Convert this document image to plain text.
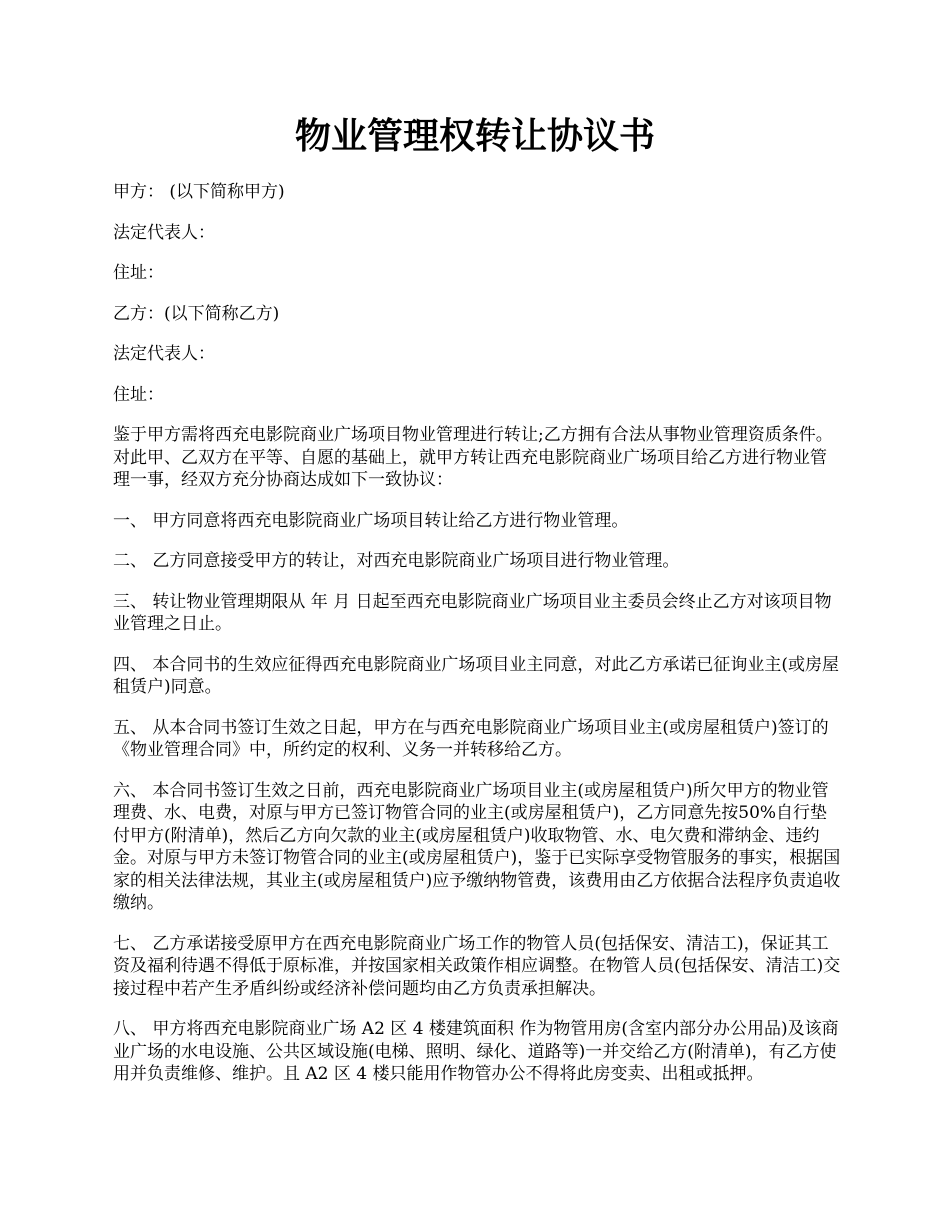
物业管理权转让协议书

甲方： (以下简称甲方)

法定代表人：

住址：

乙方：(以下简称乙方)

法定代表人：

住址：

鉴于甲方需将西充电影院商业广场项目物业管理进行转让;乙方拥有合法从事物业管理资质条件。对此甲、乙双方在平等、自愿的基础上，就甲方转让西充电影院商业广场项目给乙方进行物业管理一事，经双方充分协商达成如下一致协议：

一、 甲方同意将西充电影院商业广场项目转让给乙方进行物业管理。

二、 乙方同意接受甲方的转让，对西充电影院商业广场项目进行物业管理。

三、 转让物业管理期限从 年 月 日起至西充电影院商业广场项目业主委员会终止乙方对该项目物业管理之日止。

四、 本合同书的生效应征得西充电影院商业广场项目业主同意，对此乙方承诺已征询业主(或房屋租赁户)同意。

五、 从本合同书签订生效之日起，甲方在与西充电影院商业广场项目业主(或房屋租赁户)签订的《物业管理合同》中，所约定的权利、义务一并转移给乙方。

六、 本合同书签订生效之日前，西充电影院商业广场项目业主(或房屋租赁户)所欠甲方的物业管理费、水、电费，对原与甲方已签订物管合同的业主(或房屋租赁户)，乙方同意先按50%自行垫付甲方(附清单)，然后乙方向欠款的业主(或房屋租赁户)收取物管、水、电欠费和滞纳金、违约金。对原与甲方未签订物管合同的业主(或房屋租赁户)，鉴于已实际享受物管服务的事实，根据国家的相关法律法规，其业主(或房屋租赁户)应予缴纳物管费，该费用由乙方依据合法程序负责追收缴纳。

七、 乙方承诺接受原甲方在西充电影院商业广场工作的物管人员(包括保安、清洁工)，保证其工资及福利待遇不得低于原标准，并按国家相关政策作相应调整。在物管人员(包括保安、清洁工)交接过程中若产生矛盾纠纷或经济补偿问题均由乙方负责承担解决。

八、 甲方将西充电影院商业广场 A2 区 4 楼建筑面积 作为物管用房(含室内部分办公用品)及该商业广场的水电设施、公共区域设施(电梯、照明、绿化、道路等)一并交给乙方(附清单)，有乙方使用并负责维修、维护。且 A2 区 4 楼只能用作物管办公不得将此房变卖、出租或抵押。
